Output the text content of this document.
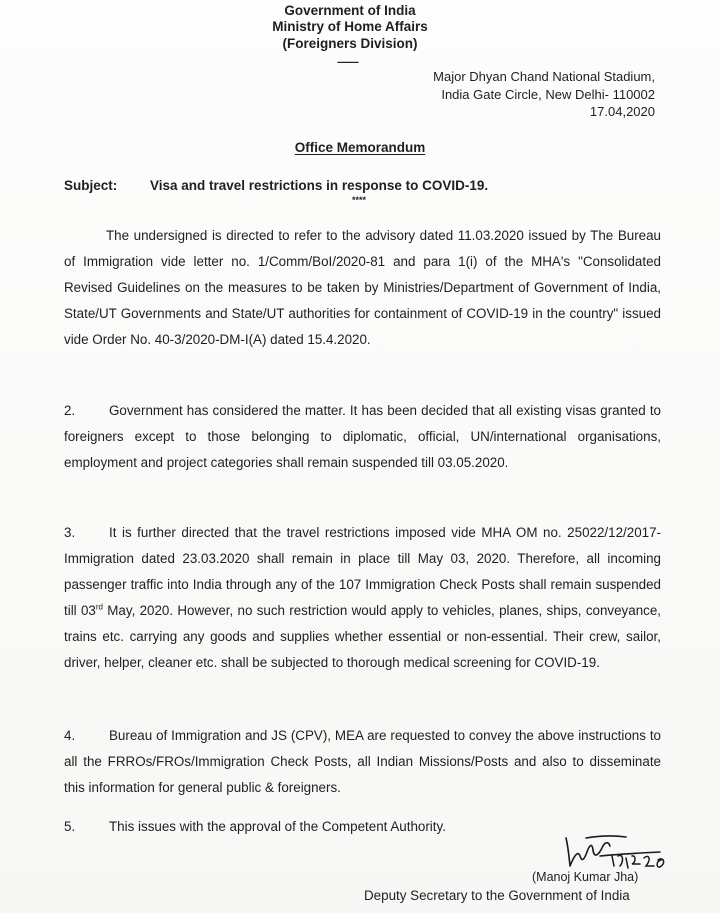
Government of India
Ministry of Home Affairs
(Foreigners Division)
---------
Major Dhyan Chand National Stadium,
India Gate Circle, New Delhi- 110002
17.04,2020
Office Memorandum
Subject: Visa and travel restrictions in response to COVID-19.
****

The undersigned is directed to refer to the advisory dated 11.03.2020 issued by The Bureau of Immigration vide letter no. 1/Comm/BoI/2020-81 and para 1(i) of the MHA's "Consolidated Revised Guidelines on the measures to be taken by Ministries/Department of Government of India, State/UT Governments and State/UT authorities for containment of COVID-19 in the country" issued vide Order No. 40-3/2020-DM-I(A) dated 15.4.2020.

2.	Government has considered the matter. It has been decided that all existing visas granted to foreigners except to those belonging to diplomatic, official, UN/international organisations, employment and project categories shall remain suspended till 03.05.2020.

3.	It is further directed that the travel restrictions imposed vide MHA OM no. 25022/12/2017-Immigration dated 23.03.2020 shall remain in place till May 03, 2020. Therefore, all incoming passenger traffic into India through any of the 107 Immigration Check Posts shall remain suspended till 03rd May, 2020. However, no such restriction would apply to vehicles, planes, ships, conveyance, trains etc. carrying any goods and supplies whether essential or non-essential. Their crew, sailor, driver, helper, cleaner etc. shall be subjected to thorough medical screening for COVID-19.

4.	Bureau of Immigration and JS (CPV), MEA are requested to convey the above instructions to all the FRROs/FROs/Immigration Check Posts, all Indian Missions/Posts and also to disseminate this information for general public & foreigners.

5.	This issues with the approval of the Competent Authority.

(Manoj Kumar Jha)
Deputy Secretary to the Government of India
